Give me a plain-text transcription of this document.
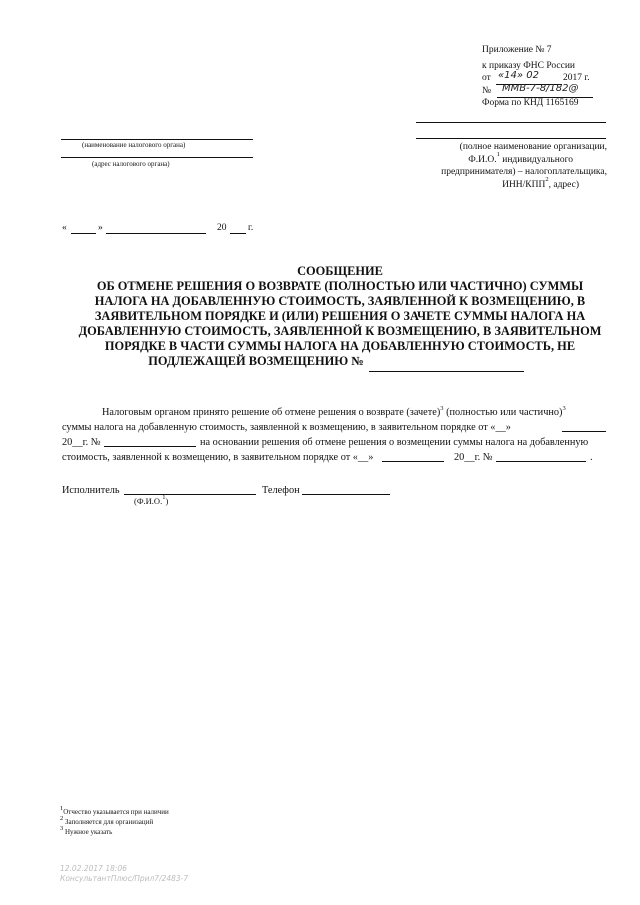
Приложение № 7
к приказу ФНС России
от «14» 02	2017 г.
№ ММВ-7-8/182@
Форма по КНД 1165169
(наименование налогового органа)
(адрес налогового органа)
(полное наименование организации,
Ф.И.О.$^1$ индивидуального
предпринимателя) – налогоплательщика,
ИНН/КПП$^2$, адрес)
«	»	20 г.
СООБЩЕНИЕ
ОБ ОТМЕНЕ РЕШЕНИЯ О ВОЗВРАТЕ (ПОЛНОСТЬЮ ИЛИ ЧАСТИЧНО) СУММЫ
НАЛОГА НА ДОБАВЛЕННУЮ СТОИМОСТЬ, ЗАЯВЛЕННОЙ К ВОЗМЕЩЕНИЮ, В
ЗАЯВИТЕЛЬНОМ ПОРЯДКЕ И (ИЛИ) РЕШЕНИЯ О ЗАЧЕТЕ СУММЫ НАЛОГА НА
ДОБАВЛЕННУЮ СТОИМОСТЬ, ЗАЯВЛЕННОЙ К ВОЗМЕЩЕНИЮ, В ЗАЯВИТЕЛЬНОМ
ПОРЯДКЕ В ЧАСТИ СУММЫ НАЛОГА НА ДОБАВЛЕННУЮ СТОИМОСТЬ, НЕ
ПОДЛЕЖАЩЕЙ ВОЗМЕЩЕНИЮ №
Налоговым органом принято решение об отмене решения о возврате (зачете)$^3$ (полностью или частично)$^3$
суммы налога на добавленную стоимость, заявленной к возмещению, в заявительном порядке от «__»
20__г. №	на основании решения об отмене решения о возмещении суммы налога на добавленную
стоимость, заявленной к возмещению, в заявительном порядке от «__»	20__г. №	.
Исполнитель	Телефон
(Ф.И.О.$^1$)
$^1$Отчество указывается при наличии
$^2$ Заполняется для организаций
$^3$ Нужное указать
12.02.2017 18:06
КонсультантПлюс/Прил7/2483-7
